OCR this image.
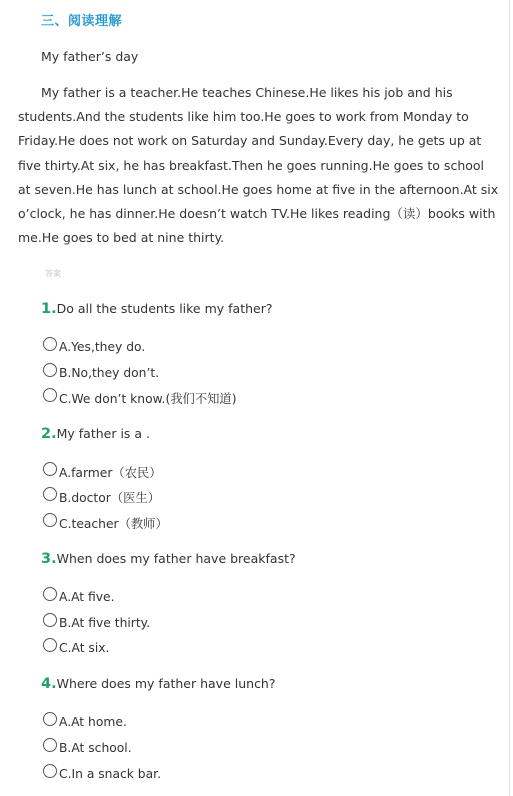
三、阅读理解
My father’s day

My father is a teacher.He teaches Chinese.He likes his job and his students.And the students like him too.He goes to work from Monday to Friday.He does not work on Saturday and Sunday.Every day, he gets up at five thirty.At six, he has breakfast.Then he goes running.He goes to school at seven.He has lunch at school.He goes home at five in the afternoon.At six o’clock, he has dinner.He doesn’t watch TV.He likes reading（读）books with me.He goes to bed at nine thirty.

答案
1.Do all the students like my father?
A.Yes,they do.
B.No,they don’t.
C.We don’t know.(我们不知道)
2.My father is a .
A.farmer（农民）
B.doctor（医生）
C.teacher（教师）
3.When does my father have breakfast?
A.At five.
B.At five thirty.
C.At six.
4.Where does my father have lunch?
A.At home.
B.At school.
C.In a snack bar.
